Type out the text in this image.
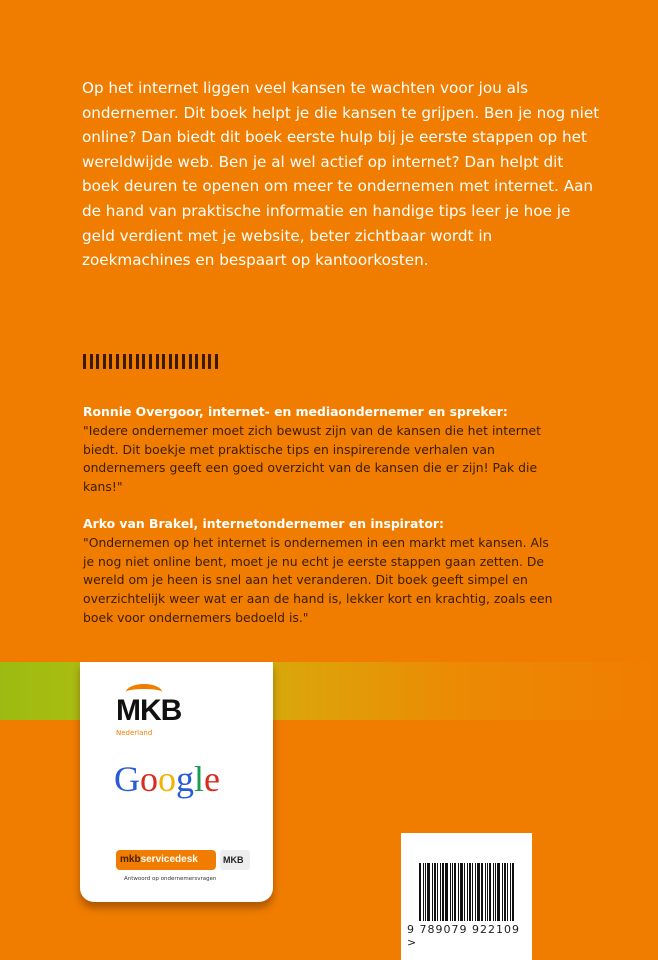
Op het internet liggen veel kansen te wachten voor jou als ondernemer. Dit boek helpt je die kansen te grijpen. Ben je nog niet online? Dan biedt dit boek eerste hulp bij je eerste stappen op het wereldwijde web. Ben je al wel actief op internet? Dan helpt dit boek deuren te openen om meer te ondernemen met internet. Aan de hand van praktische informatie en handige tips leer je hoe je geld verdient met je website, beter zichtbaar wordt in zoekmachines en bespaart op kantoorkosten.
Ronnie Overgoor, internet- en mediaondernemer en spreker:
"Iedere ondernemer moet zich bewust zijn van de kansen die het internet biedt. Dit boekje met praktische tips en inspirerende verhalen van ondernemers geeft een goed overzicht van de kansen die er zijn! Pak die kans!"
Arko van Brakel, internetondernemer en inspirator:
"Ondernemen op het internet is ondernemen in een markt met kansen. Als je nog niet online bent, moet je nu echt je eerste stappen gaan zetten. De wereld om je heen is snel aan het veranderen. Dit boek geeft simpel en overzichtelijk weer wat er aan de hand is, lekker kort en krachtig, zoals een boek voor ondernemers bedoeld is."
MKB
Nederland
Google
mkbservicedesk	MKB
Antwoord op ondernemersvragen
9 789079 922109 >
